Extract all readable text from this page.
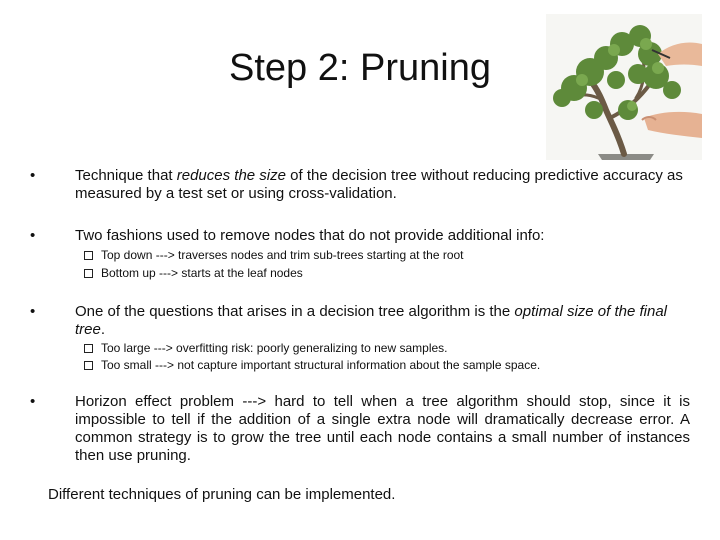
Step 2: Pruning
•	Technique that reduces the size of the decision tree without reducing predictive accuracy as measured by a test set or using cross-validation.
•	Two fashions used to remove nodes that do not provide additional info:
Top down ---> traverses nodes and trim sub-trees starting at the root
Bottom up ---> starts at the leaf nodes
•	One of the questions that arises in a decision tree algorithm is the optimal size of the final tree.
Too large ---> overfitting risk: poorly generalizing to new samples.
Too small ---> not capture important structural information about the sample space.
•	Horizon effect problem ---> hard to tell when a tree algorithm should stop, since it is impossible to tell if the addition of a single extra node will dramatically decrease error. A common strategy is to grow the tree until each node contains a small number of instances then use pruning.
Different techniques of pruning can be implemented.
